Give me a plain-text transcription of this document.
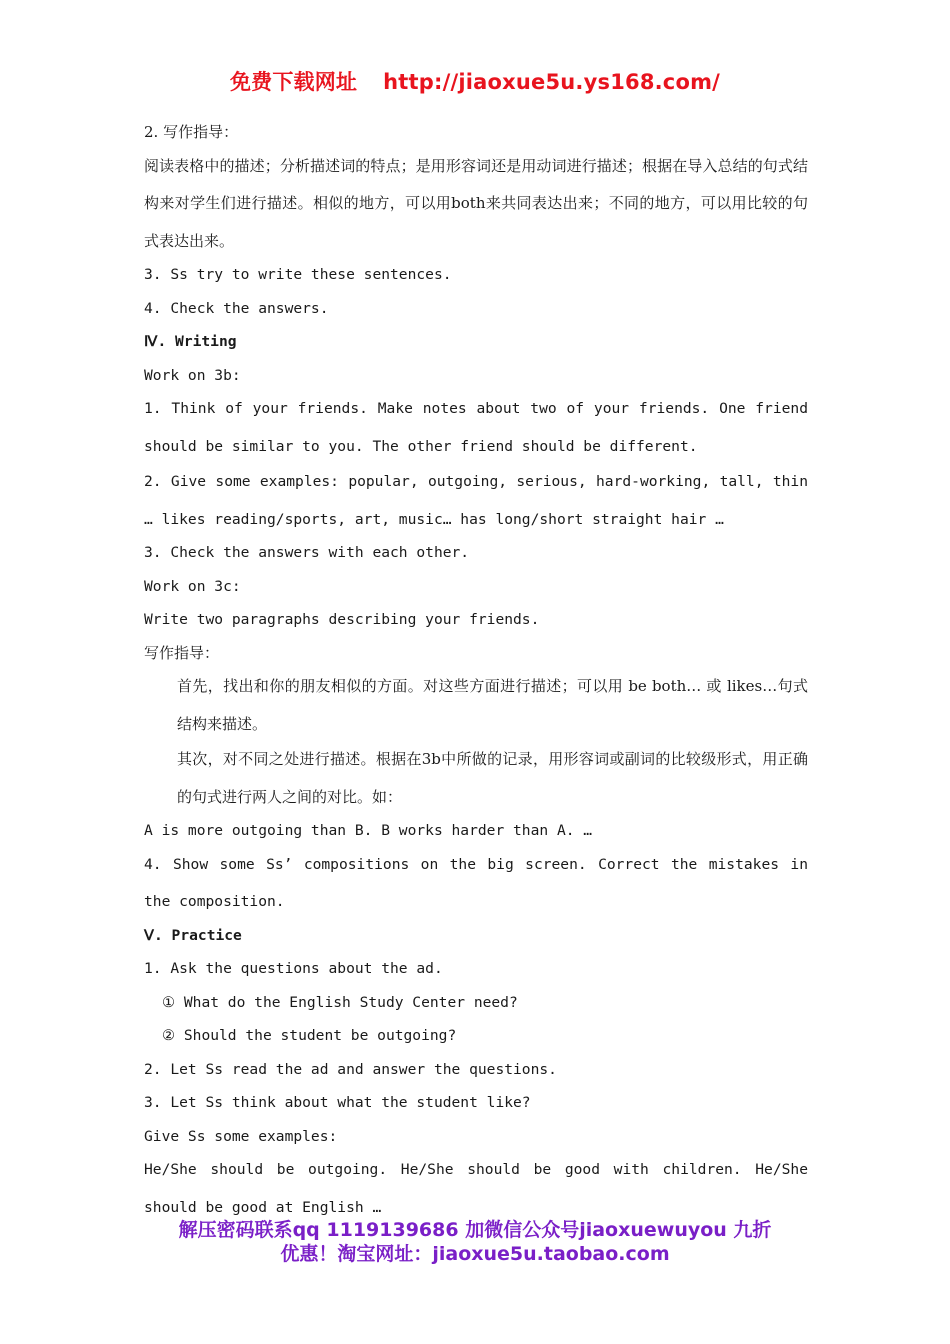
免费下载网址 http://jiaoxue5u.ys168.com/

2. 写作指导：

阅读表格中的描述；分析描述词的特点；是用形容词还是用动词进行描述；根据在导入总结的句式结构来对学生们进行描述。相似的地方，可以用both来共同表达出来；不同的地方，可以用比较的句式表达出来。

3. Ss try to write these sentences.

4. Check the answers.

Ⅳ. Writing

Work on 3b:

1. Think of your friends. Make notes about two of your friends. One friend should be similar to you. The other friend should be different.

2. Give some examples: popular, outgoing, serious, hard-working, tall, thin … likes reading/sports, art, music… has long/short straight hair …

3. Check the answers with each other.

Work on 3c:

Write two paragraphs describing your friends.

写作指导：

首先，找出和你的朋友相似的方面。对这些方面进行描述；可以用 be both… 或 likes…句式结构来描述。

其次，对不同之处进行描述。根据在3b中所做的记录，用形容词或副词的比较级形式，用正确的句式进行两人之间的对比。如：

A is more outgoing than B. B works harder than A. …

4. Show some Ss’ compositions on the big screen. Correct the mistakes in the composition.

Ⅴ. Practice

1. Ask the questions about the ad.

① What do the English Study Center need?

② Should the student be outgoing?

2. Let Ss read the ad and answer the questions.

3. Let Ss think about what the student like?

Give Ss some examples:

He/She should be outgoing. He/She should be good with children. He/She should be good at English …

解压密码联系qq 1119139686 加微信公众号jiaoxuewuyou 九折
优惠！淘宝网址：jiaoxue5u.taobao.com
